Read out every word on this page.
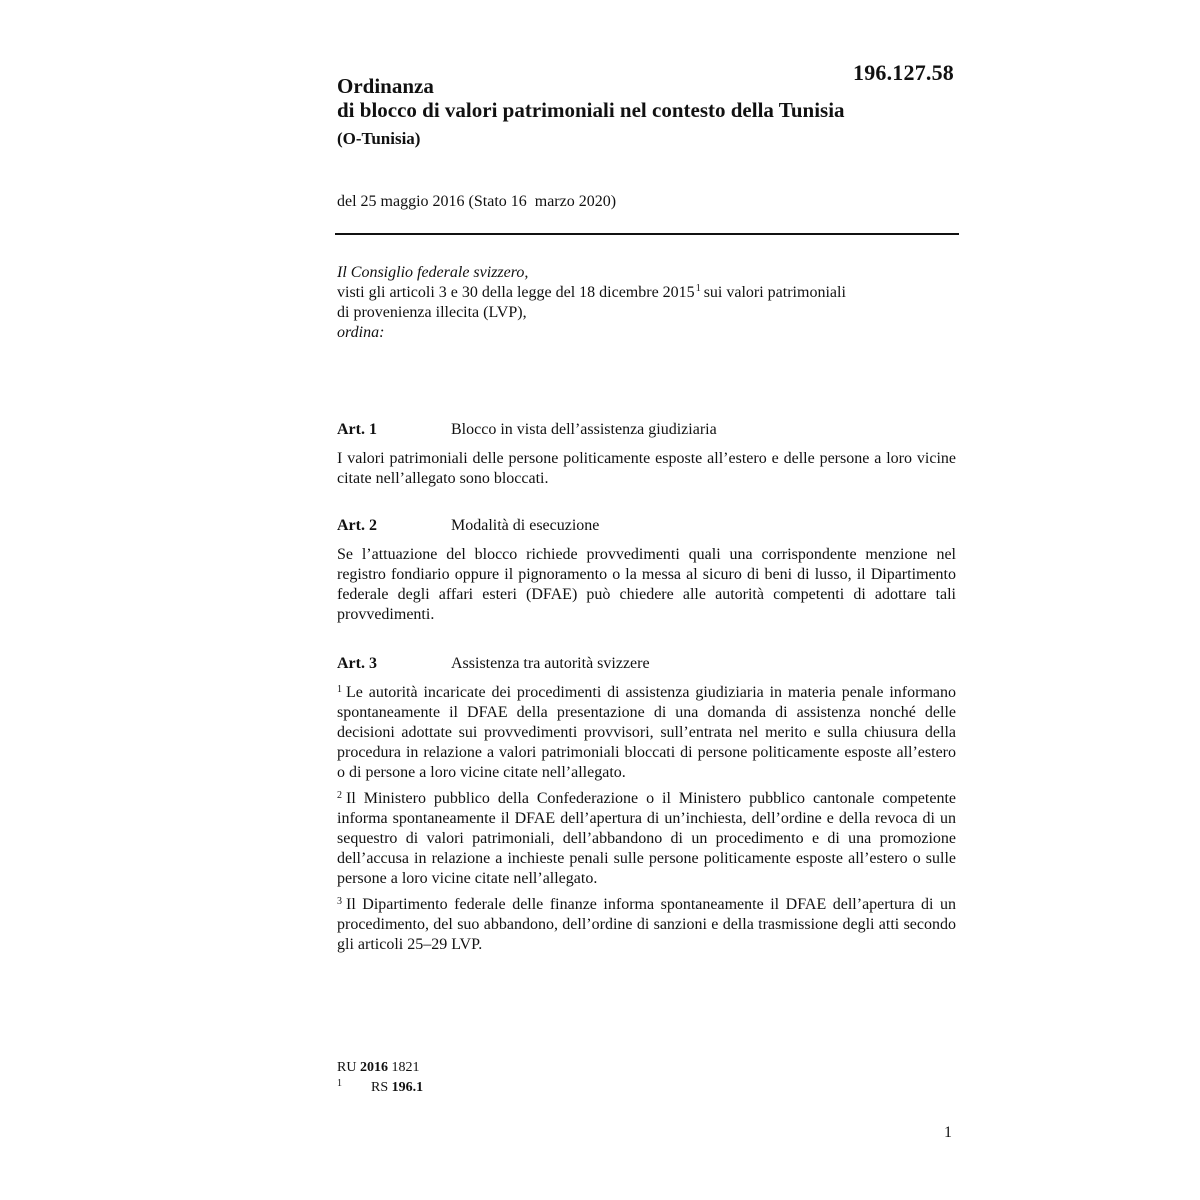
196.127.58
Ordinanza
di blocco di valori patrimoniali nel contesto della Tunisia
(O-Tunisia)
del 25 maggio 2016 (Stato 16  marzo 2020)
Il Consiglio federale svizzero,
visti gli articoli 3 e 30 della legge del 18 dicembre 2015$^1$ sui valori patrimoniali
di provenienza illecita (LVP),
ordina:
Art. 1	Blocco in vista dell’assistenza giudiziaria
I valori patrimoniali delle persone politicamente esposte all’estero e delle persone a loro vicine citate nell’allegato sono bloccati.
Art. 2	Modalità di esecuzione
Se l’attuazione del blocco richiede provvedimenti quali una corrispondente menzione nel registro fondiario oppure il pignoramento o la messa al sicuro di beni di lusso, il Dipartimento federale degli affari esteri (DFAE) può chiedere alle autorità competenti di adottare tali provvedimenti.
Art. 3	Assistenza tra autorità svizzere
$^1$ Le autorità incaricate dei procedimenti di assistenza giudiziaria in materia penale informano spontaneamente il DFAE della presentazione di una domanda di assistenza nonché delle decisioni adottate sui provvedimenti provvisori, sull’entrata nel merito e sulla chiusura della procedura in relazione a valori patrimoniali bloccati di persone politicamente esposte all’estero o di persone a loro vicine citate nell’allegato.
$^2$ Il Ministero pubblico della Confederazione o il Ministero pubblico cantonale competente informa spontaneamente il DFAE dell’apertura di un’inchiesta, dell’ordine e della revoca di un sequestro di valori patrimoniali, dell’abbandono di un procedimento e di una promozione dell’accusa in relazione a inchieste penali sulle persone politicamente esposte all’estero o sulle persone a loro vicine citate nell’allegato.
$^3$ Il Dipartimento federale delle finanze informa spontaneamente il DFAE dell’apertura di un procedimento, del suo abbandono, dell’ordine di sanzioni e della trasmissione degli atti secondo gli articoli 25–29 LVP.
RU 2016 1821
1 RS 196.1
1
